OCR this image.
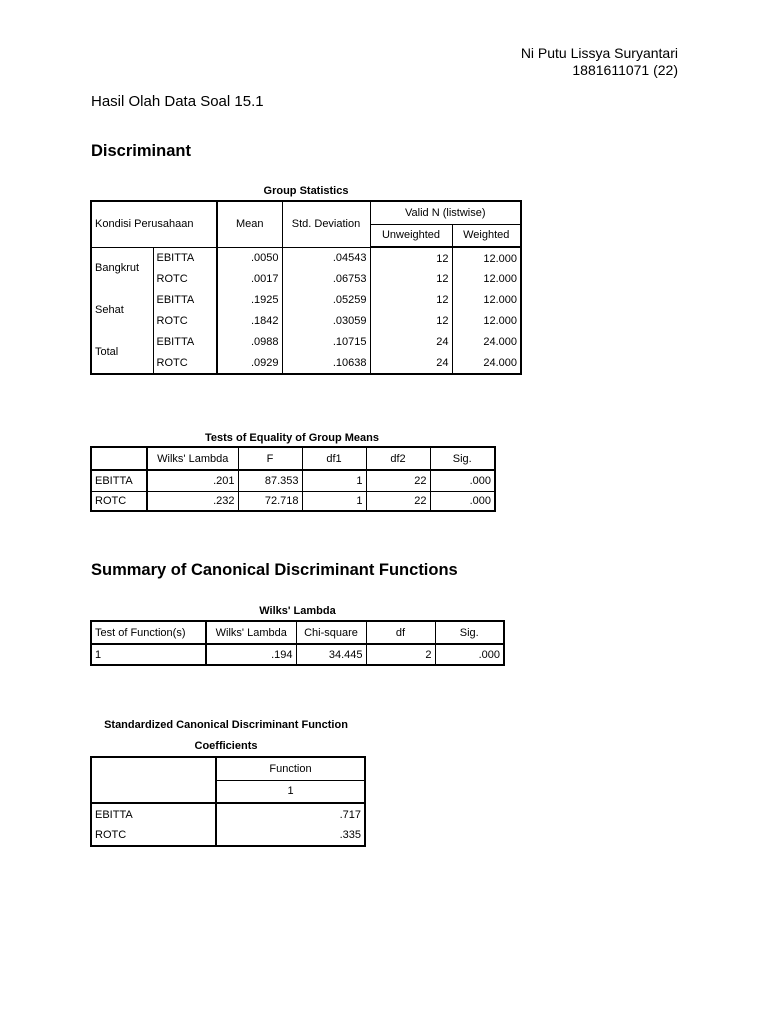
Ni Putu Lissya Suryantari
1881611071 (22)
Hasil Olah Data Soal 15.1
Discriminant
Group Statistics
Kondisi Perusahaan		Mean	Std. Deviation	Valid N (listwise)	
				Unweighted	Weighted
Bangkrut	EBITTA	.0050	.04543	12	12.000
	ROTC	.0017	.06753	12	12.000
Sehat	EBITTA	.1925	.05259	12	12.000
	ROTC	.1842	.03059	12	12.000
Total	EBITTA	.0988	.10715	24	24.000
	ROTC	.0929	.10638	24	24.000
Tests of Equality of Group Means
	Wilks' Lambda	F	df1	df2	Sig.
EBITTA	.201	87.353	1	22	.000
ROTC	.232	72.718	1	22	.000
Summary of Canonical Discriminant Functions
Wilks' Lambda
Test of Function(s)	Wilks' Lambda	Chi-square	df	Sig.
1	.194	34.445	2	.000
Standardized Canonical Discriminant Function
Coefficients
	Function
	1
EBITTA	.717
ROTC	.335
